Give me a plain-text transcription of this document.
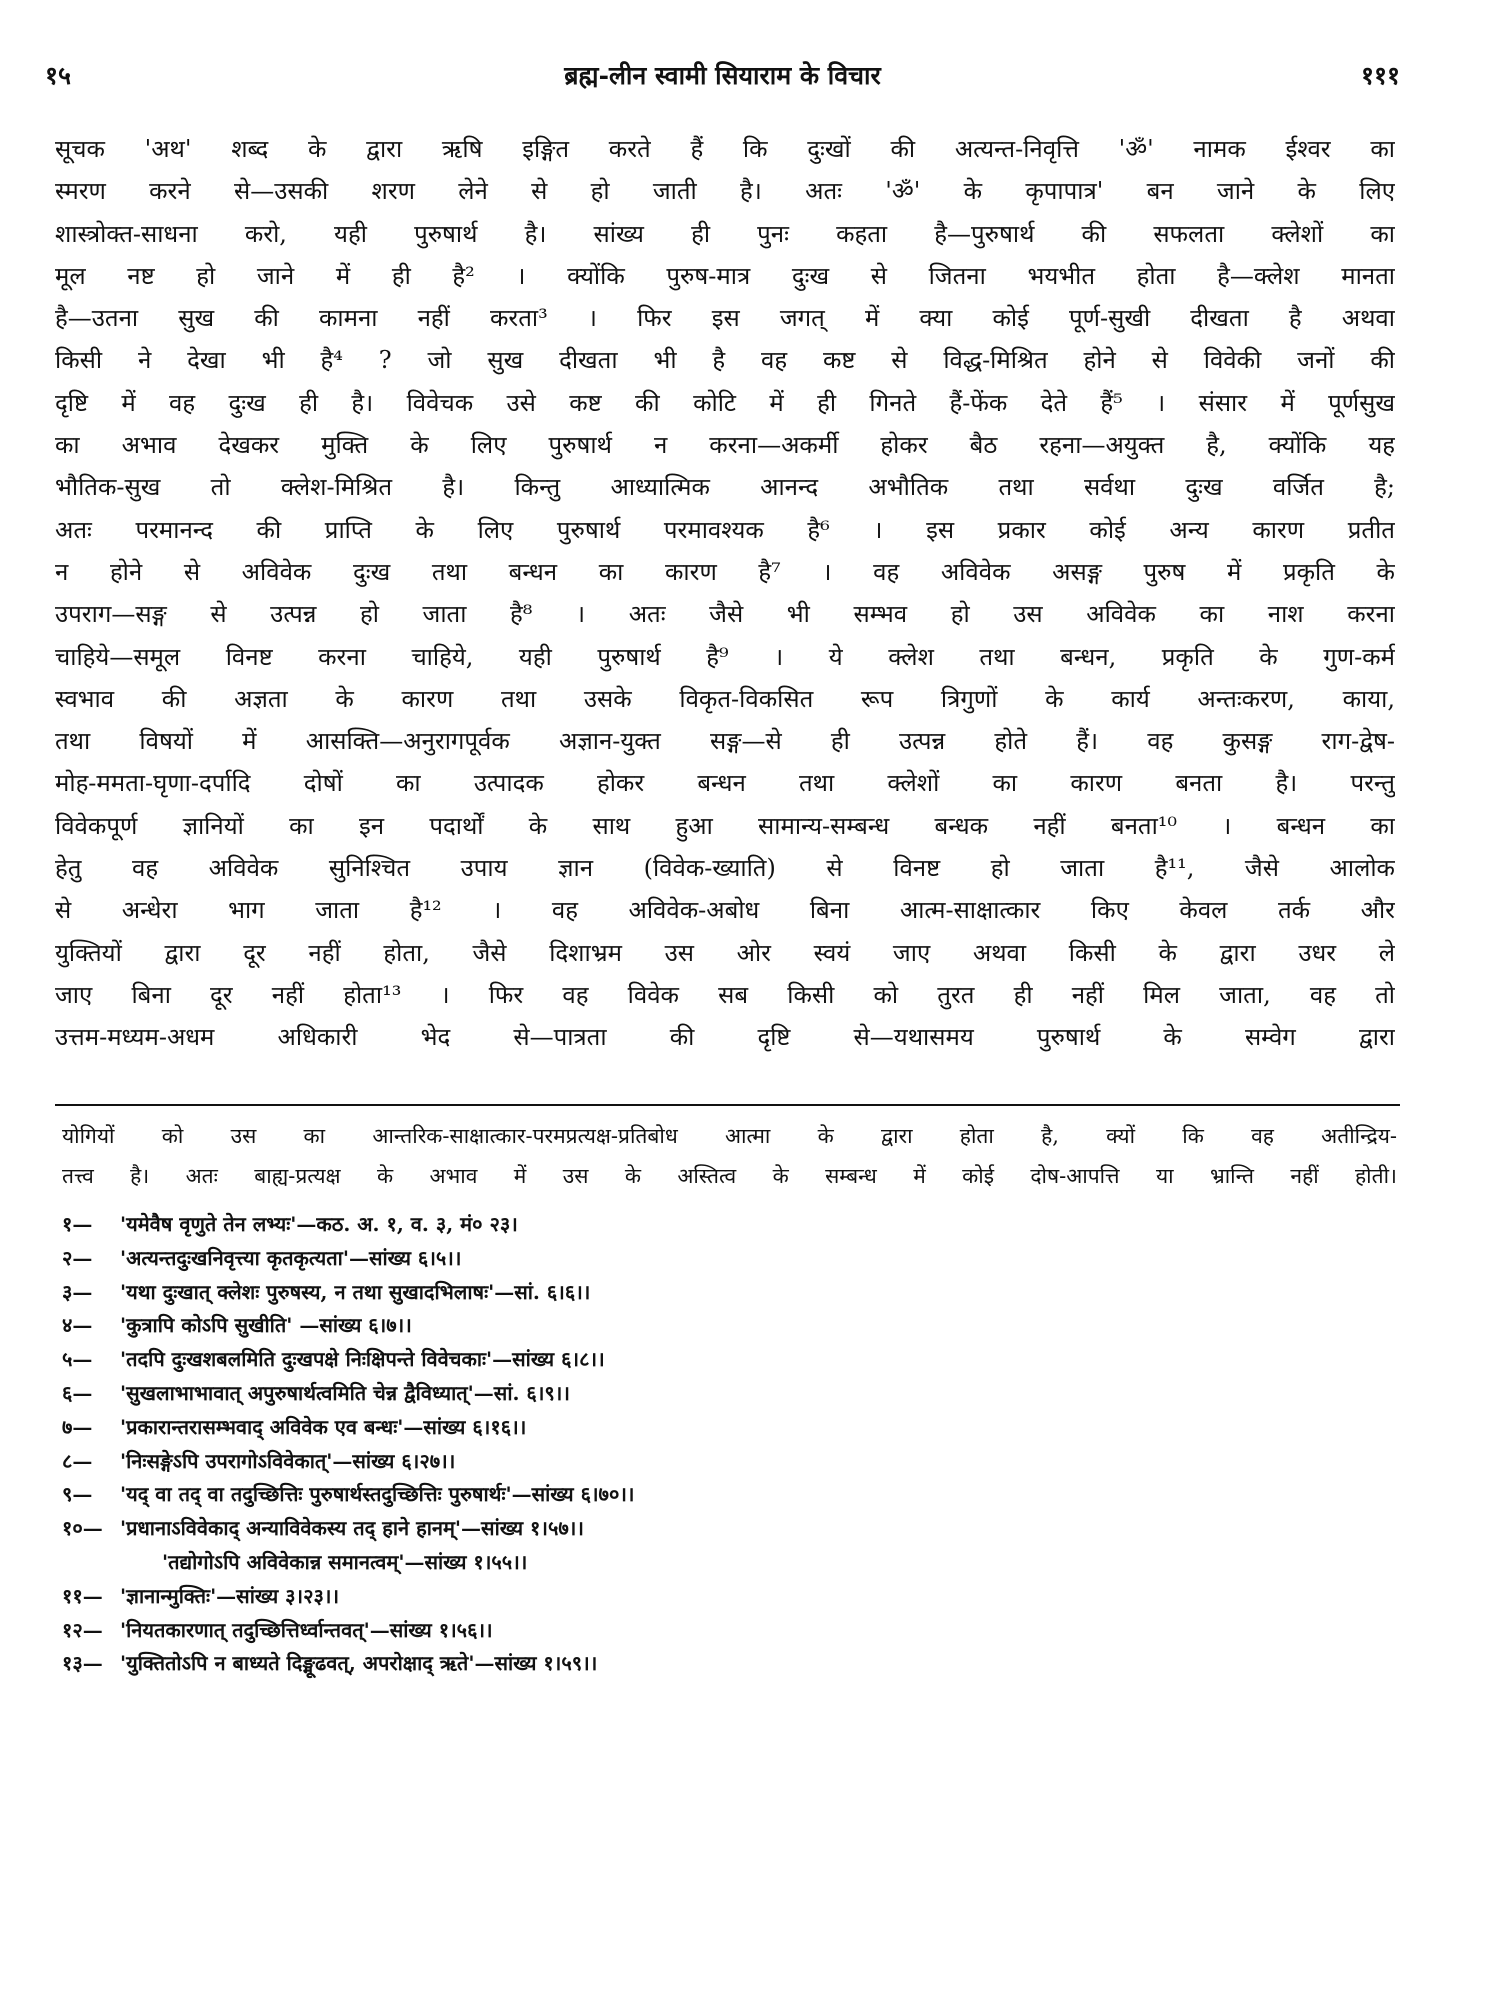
१५	ब्रह्म-लीन स्वामी सियाराम के विचार	१११
सूचक 'अथ' शब्द के द्वारा ऋषि इङ्गित करते हैं कि दुःखों की अत्यन्त-निवृत्ति 'ॐ' नामक ईश्वर का
स्मरण करने से—उसकी शरण लेने से हो जाती है। अतः 'ॐ' के कृपापात्र' बन जाने के लिए
शास्त्रोक्त-साधना करो, यही पुरुषार्थ है। सांख्य ही पुनः कहता है—पुरुषार्थ की सफलता क्लेशों का
मूल नष्ट हो जाने में ही है² । क्योंकि पुरुष-मात्र दुःख से जितना भयभीत होता है—क्लेश मानता
है—उतना सुख की कामना नहीं करता³ । फिर इस जगत् में क्या कोई पूर्ण-सुखी दीखता है अथवा
किसी ने देखा भी है⁴ ? जो सुख दीखता भी है वह कष्ट से विद्ध-मिश्रित होने से विवेकी जनों की
दृष्टि में वह दुःख ही है। विवेचक उसे कष्ट की कोटि में ही गिनते हैं-फेंक देते हैं⁵ । संसार में पूर्णसुख
का अभाव देखकर मुक्ति के लिए पुरुषार्थ न करना—अकर्मी होकर बैठ रहना—अयुक्त है, क्योंकि यह
भौतिक-सुख तो क्लेश-मिश्रित है। किन्तु आध्यात्मिक आनन्द अभौतिक तथा सर्वथा दुःख वर्जित है;
अतः परमानन्द की प्राप्ति के लिए पुरुषार्थ परमावश्यक है⁶ । इस प्रकार कोई अन्य कारण प्रतीत
न होने से अविवेक दुःख तथा बन्धन का कारण है⁷ । वह अविवेक असङ्ग पुरुष में प्रकृति के
उपराग—सङ्ग से उत्पन्न हो जाता है⁸ । अतः जैसे भी सम्भव हो उस अविवेक का नाश करना
चाहिये—समूल विनष्ट करना चाहिये, यही पुरुषार्थ है⁹ । ये क्लेश तथा बन्धन, प्रकृति के गुण-कर्म
स्वभाव की अज्ञता के कारण तथा उसके विकृत-विकसित रूप त्रिगुणों के कार्य अन्तःकरण, काया,
तथा विषयों में आसक्ति—अनुरागपूर्वक अज्ञान-युक्त सङ्ग—से ही उत्पन्न होते हैं। वह कुसङ्ग राग-द्वेष-
मोह-ममता-घृणा-दर्पादि दोषों का उत्पादक होकर बन्धन तथा क्लेशों का कारण बनता है। परन्तु
विवेकपूर्ण ज्ञानियों का इन पदार्थों के साथ हुआ सामान्य-सम्बन्ध बन्धक नहीं बनता¹⁰ । बन्धन का
हेतु वह अविवेक सुनिश्चित उपाय ज्ञान (विवेक-ख्याति) से विनष्ट हो जाता है¹¹, जैसे आलोक
से अन्धेरा भाग जाता है¹² । वह अविवेक-अबोध बिना आत्म-साक्षात्कार किए केवल तर्क और
युक्तियों द्वारा दूर नहीं होता, जैसे दिशाभ्रम उस ओर स्वयं जाए अथवा किसी के द्वारा उधर ले
जाए बिना दूर नहीं होता¹³ । फिर वह विवेक सब किसी को तुरत ही नहीं मिल जाता, वह तो
उत्तम-मध्यम-अधम अधिकारी भेद से—पात्रता की दृष्टि से—यथासमय पुरुषार्थ के सम्वेग द्वारा
योगियों को उस का आन्तरिक-साक्षात्कार-परमप्रत्यक्ष-प्रतिबोध आत्मा के द्वारा होता है, क्यों कि वह अतीन्द्रिय-
तत्त्व है। अतः बाह्य-प्रत्यक्ष के अभाव में उस के अस्तित्व के सम्बन्ध में कोई दोष-आपत्ति या भ्रान्ति नहीं होती।
१—	'यमेवैष वृणुते तेन लभ्यः'—कठ. अ. १, व. ३, मं० २३।
२—	'अत्यन्तदुःखनिवृत्त्या कृतकृत्यता'—सांख्य ६।५।।
३—	'यथा दुःखात् क्लेशः पुरुषस्य, न तथा सुखादभिलाषः'—सां. ६।६।।
४—	'कुत्रापि कोऽपि सुखीति' —सांख्य ६।७।।
५—	'तदपि दुःखशबलमिति दुःखपक्षे निःक्षिपन्ते विवेचकाः'—सांख्य ६।८।।
६—	'सुखलाभाभावात् अपुरुषार्थत्वमिति चेन्न द्वैविध्यात्'—सां. ६।९।।
७—	'प्रकारान्तरासम्भवाद् अविवेक एव बन्धः'—सांख्य ६।१६।।
८—	'निःसङ्गेऽपि उपरागोऽविवेकात्'—सांख्य ६।२७।।
९—	'यद् वा तद् वा तदुच्छित्तिः पुरुषार्थस्तदुच्छित्तिः पुरुषार्थः'—सांख्य ६।७०।।
१०— 'प्रधानाऽविवेकाद् अन्याविवेकस्य तद् हाने हानम्'—सांख्य १।५७।।
'तद्योगोऽपि अविवेकान्न समानत्वम्'—सांख्य १।५५।।
११— 'ज्ञानान्मुक्तिः'—सांख्य ३।२३।।
१२— 'नियतकारणात् तदुच्छित्तिर्ध्वान्तवत्'—सांख्य १।५६।।
१३— 'युक्तितोऽपि न बाध्यते दिङ्मूढवत्, अपरोक्षाद् ऋते'—सांख्य १।५९।।
